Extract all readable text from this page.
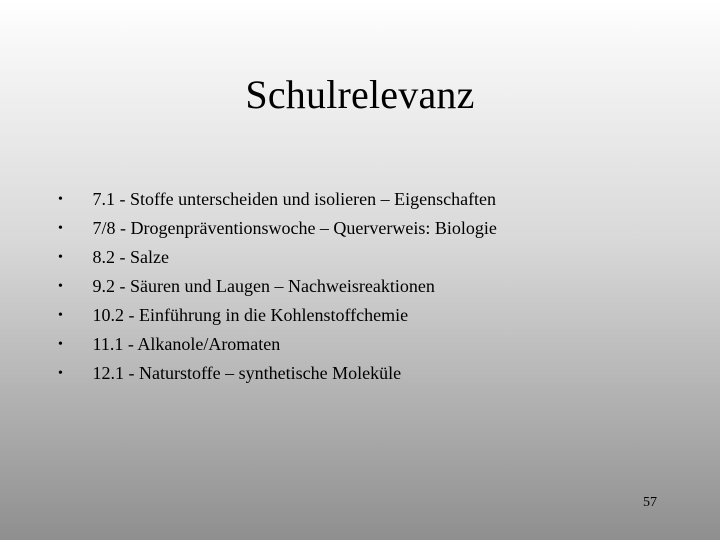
Schulrelevanz
• 7.1 - Stoffe unterscheiden und isolieren – Eigenschaften
• 7/8 - Drogenpräventionswoche – Querverweis: Biologie
• 8.2 - Salze
• 9.2 - Säuren und Laugen – Nachweisreaktionen
• 10.2 - Einführung in die Kohlenstoffchemie
• 11.1 - Alkanole/Aromaten
• 12.1 - Naturstoffe – synthetische Moleküle
57
